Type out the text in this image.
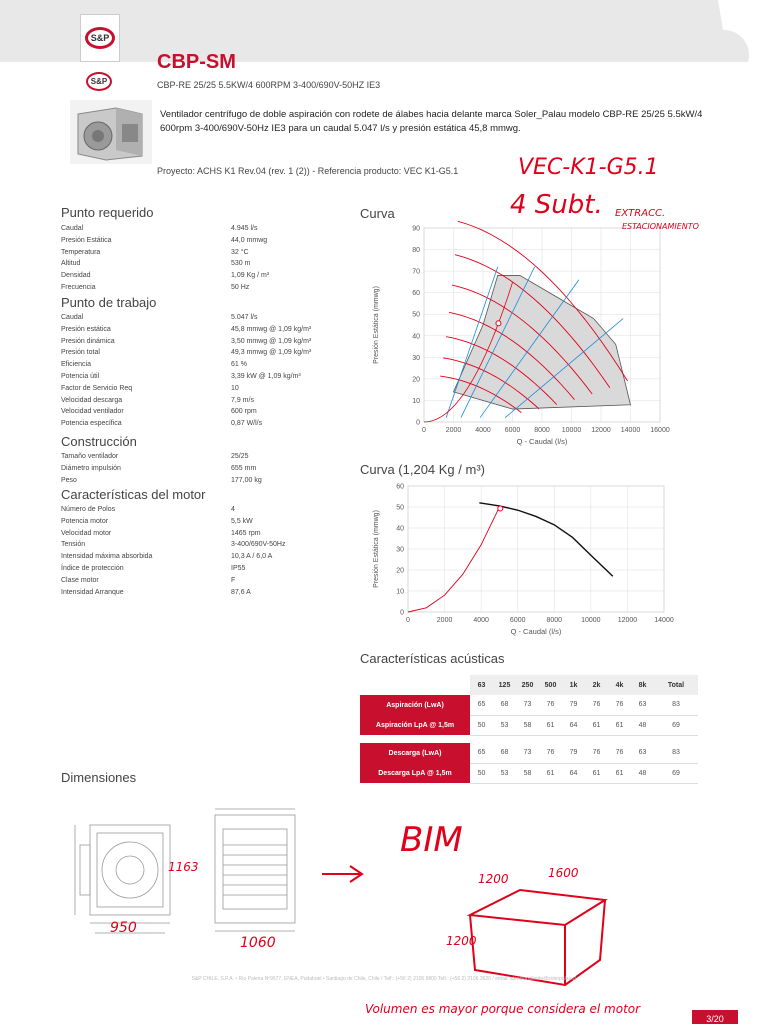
S&P
S&P
CBP-SM
CBP-RE 25/25 5.5KW/4 600RPM 3-400/690V-50HZ IE3
Ventilador centrífugo de doble aspiración con rodete de álabes hacia delante marca Soler_Palau modelo CBP-RE 25/25 5.5kW/4 600rpm 3-400/690V-50Hz IE3 para un caudal 5.047 l/s y presión estática 45,8 mmwg.
Proyecto: ACHS K1 Rev.04 (rev. 1 (2)) - Referencia producto: VEC K1-G5.1
Punto requerido
Caudal	4.945 l/s
Presión Estática	44,0 mmwg
Temperatura	32 °C
Altitud	530 m
Densidad	1,09 Kg / m³
Frecuencia	50 Hz
Punto de trabajo
Caudal	5.047 l/s
Presión estática	45,8 mmwg @ 1,09 kg/m³
Presión dinámica	3,50 mmwg @ 1,09 kg/m³
Presión total	49,3 mmwg @ 1,09 kg/m³
Eficiencia	61 %
Potencia útil	3,39 kW @ 1,09 kg/m³
Factor de Servicio Req	10
Velocidad descarga	7,9 m/s
Velocidad ventilador	600 rpm
Potencia específica	0,87 W/l/s
Construcción
Tamaño ventilador	25/25
Diámetro impulsión	655 mm
Peso	177,00 kg
Características del motor
Número de Polos	4
Potencia motor	5,5 kW
Velocidad motor	1465 rpm
Tensión	3-400/690V-50Hz
Intensidad máxima absorbida	10,3 A / 6,0 A
Índice de protección	IP55
Clase motor	F
Intensidad Arranque	87,6 A
Curva
0	2000 4000 6000 8000 10000 12000 14000 16000
0
10
20
30
40
50
60
70
80
90
Q - Caudal (l/s)
Presión Estática (mmwg)
Curva (1,204 Kg / m³)
0	2000	4000	6000	8000	10000 12000 14000
0
10
20
30
40
50
60
Q - Caudal (l/s)
Presión Estática (mmwg)
Características acústicas
	63	125	250	500	1k	2k	4k	8k	Total
Aspiración (LwA)	65	68	73	76	79	76	76	63	83
Aspiración LpA @ 1,5m	50	53	58	61	64	61	61	48	69

Descarga (LwA)	65	68	73	76	79	76	76	63	83
Descarga LpA @ 1,5m	50	53	58	61	64	61	61	48	69
Dimensiones
VEC-K1-G5.1
4 Subt. EXTRACC.
ESTACIONAMIENTO
BIM
1163
950
1060
1200	1600
1200
Volumen es mayor porque considera el motor
S&P CHILE, S.P.A. • Río Palena Nº9677, ENEA, Pudahuel • Santiago de Chile, Chile / Telf.: (+56 2) 2106 5800 Telf.: (+56 2) 2106 3620 / email: atencioncliente@solerpalau.cl
3/20
